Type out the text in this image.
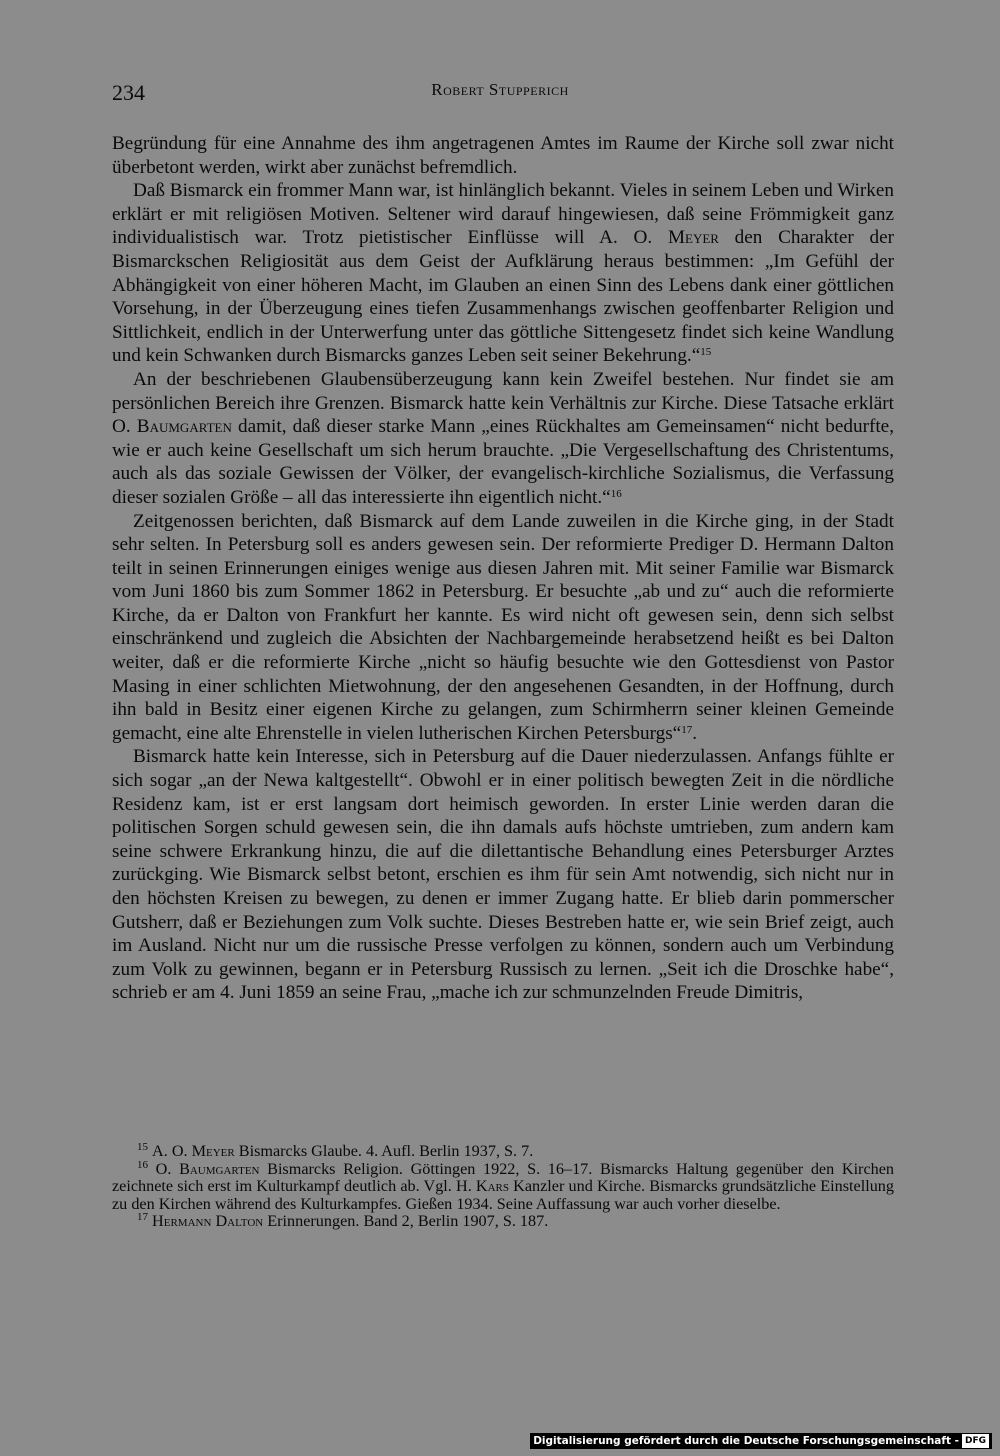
234	Robert Stupperich

Begründung für eine Annahme des ihm angetragenen Amtes im Raume der Kirche soll zwar nicht überbetont werden, wirkt aber zunächst befremdlich.

Daß Bismarck ein frommer Mann war, ist hinlänglich bekannt. Vieles in seinem Leben und Wirken erklärt er mit religiösen Motiven. Seltener wird darauf hingewiesen, daß seine Frömmigkeit ganz individualistisch war. Trotz pietistischer Einflüsse will A. O. Meyer den Charakter der Bismarckschen Religiosität aus dem Geist der Aufklärung heraus bestimmen: „Im Gefühl der Abhängigkeit von einer höheren Macht, im Glauben an einen Sinn des Lebens dank einer göttlichen Vorsehung, in der Überzeugung eines tiefen Zusammenhangs zwischen geoffenbarter Religion und Sittlichkeit, endlich in der Unterwerfung unter das göttliche Sittengesetz findet sich keine Wandlung und kein Schwanken durch Bismarcks ganzes Leben seit seiner Bekehrung.“$^{15}$

An der beschriebenen Glaubensüberzeugung kann kein Zweifel bestehen. Nur findet sie am persönlichen Bereich ihre Grenzen. Bismarck hatte kein Verhältnis zur Kirche. Diese Tatsache erklärt O. Baumgarten damit, daß dieser starke Mann „eines Rückhaltes am Gemeinsamen“ nicht bedurfte, wie er auch keine Gesellschaft um sich herum brauchte. „Die Vergesellschaftung des Christentums, auch als das soziale Gewissen der Völker, der evangelisch-kirchliche Sozialismus, die Verfassung dieser sozialen Größe – all das interessierte ihn eigentlich nicht.“$^{16}$

Zeitgenossen berichten, daß Bismarck auf dem Lande zuweilen in die Kirche ging, in der Stadt sehr selten. In Petersburg soll es anders gewesen sein. Der reformierte Prediger D. Hermann Dalton teilt in seinen Erinnerungen einiges wenige aus diesen Jahren mit. Mit seiner Familie war Bismarck vom Juni 1860 bis zum Sommer 1862 in Petersburg. Er besuchte „ab und zu“ auch die reformierte Kirche, da er Dalton von Frankfurt her kannte. Es wird nicht oft gewesen sein, denn sich selbst einschränkend und zugleich die Absichten der Nachbargemeinde herabsetzend heißt es bei Dalton weiter, daß er die reformierte Kirche „nicht so häufig besuchte wie den Gottesdienst von Pastor Masing in einer schlichten Mietwohnung, der den angesehenen Gesandten, in der Hoffnung, durch ihn bald in Besitz einer eigenen Kirche zu gelangen, zum Schirmherrn seiner kleinen Gemeinde gemacht, eine alte Ehrenstelle in vielen lutherischen Kirchen Petersburgs“$^{17}$.

Bismarck hatte kein Interesse, sich in Petersburg auf die Dauer niederzulassen. Anfangs fühlte er sich sogar „an der Newa kaltgestellt“. Obwohl er in einer politisch bewegten Zeit in die nördliche Residenz kam, ist er erst langsam dort heimisch geworden. In erster Linie werden daran die politischen Sorgen schuld gewesen sein, die ihn damals aufs höchste umtrieben, zum andern kam seine schwere Erkrankung hinzu, die auf die dilettantische Behandlung eines Petersburger Arztes zurückging. Wie Bismarck selbst betont, erschien es ihm für sein Amt notwendig, sich nicht nur in den höchsten Kreisen zu bewegen, zu denen er immer Zugang hatte. Er blieb darin pommerscher Gutsherr, daß er Beziehungen zum Volk suchte. Dieses Bestreben hatte er, wie sein Brief zeigt, auch im Ausland. Nicht nur um die russische Presse verfolgen zu können, sondern auch um Verbindung zum Volk zu gewinnen, begann er in Petersburg Russisch zu lernen. „Seit ich die Droschke habe“, schrieb er am 4. Juni 1859 an seine Frau, „mache ich zur schmunzelnden Freude Dimitris,

$^{15}$ A. O. Meyer Bismarcks Glaube. 4. Aufl. Berlin 1937, S. 7.

$^{16}$ O. Baumgarten Bismarcks Religion. Göttingen 1922, S. 16–17. Bismarcks Haltung gegenüber den Kirchen zeichnete sich erst im Kulturkampf deutlich ab. Vgl. H. Kars Kanzler und Kirche. Bismarcks grundsätzliche Einstellung zu den Kirchen während des Kulturkampfes. Gießen 1934. Seine Auffassung war auch vorher dieselbe.

$^{17}$ Hermann Dalton Erinnerungen. Band 2, Berlin 1907, S. 187.

Digitalisierung gefördert durch die Deutsche Forschungsgemeinschaft - DFG
